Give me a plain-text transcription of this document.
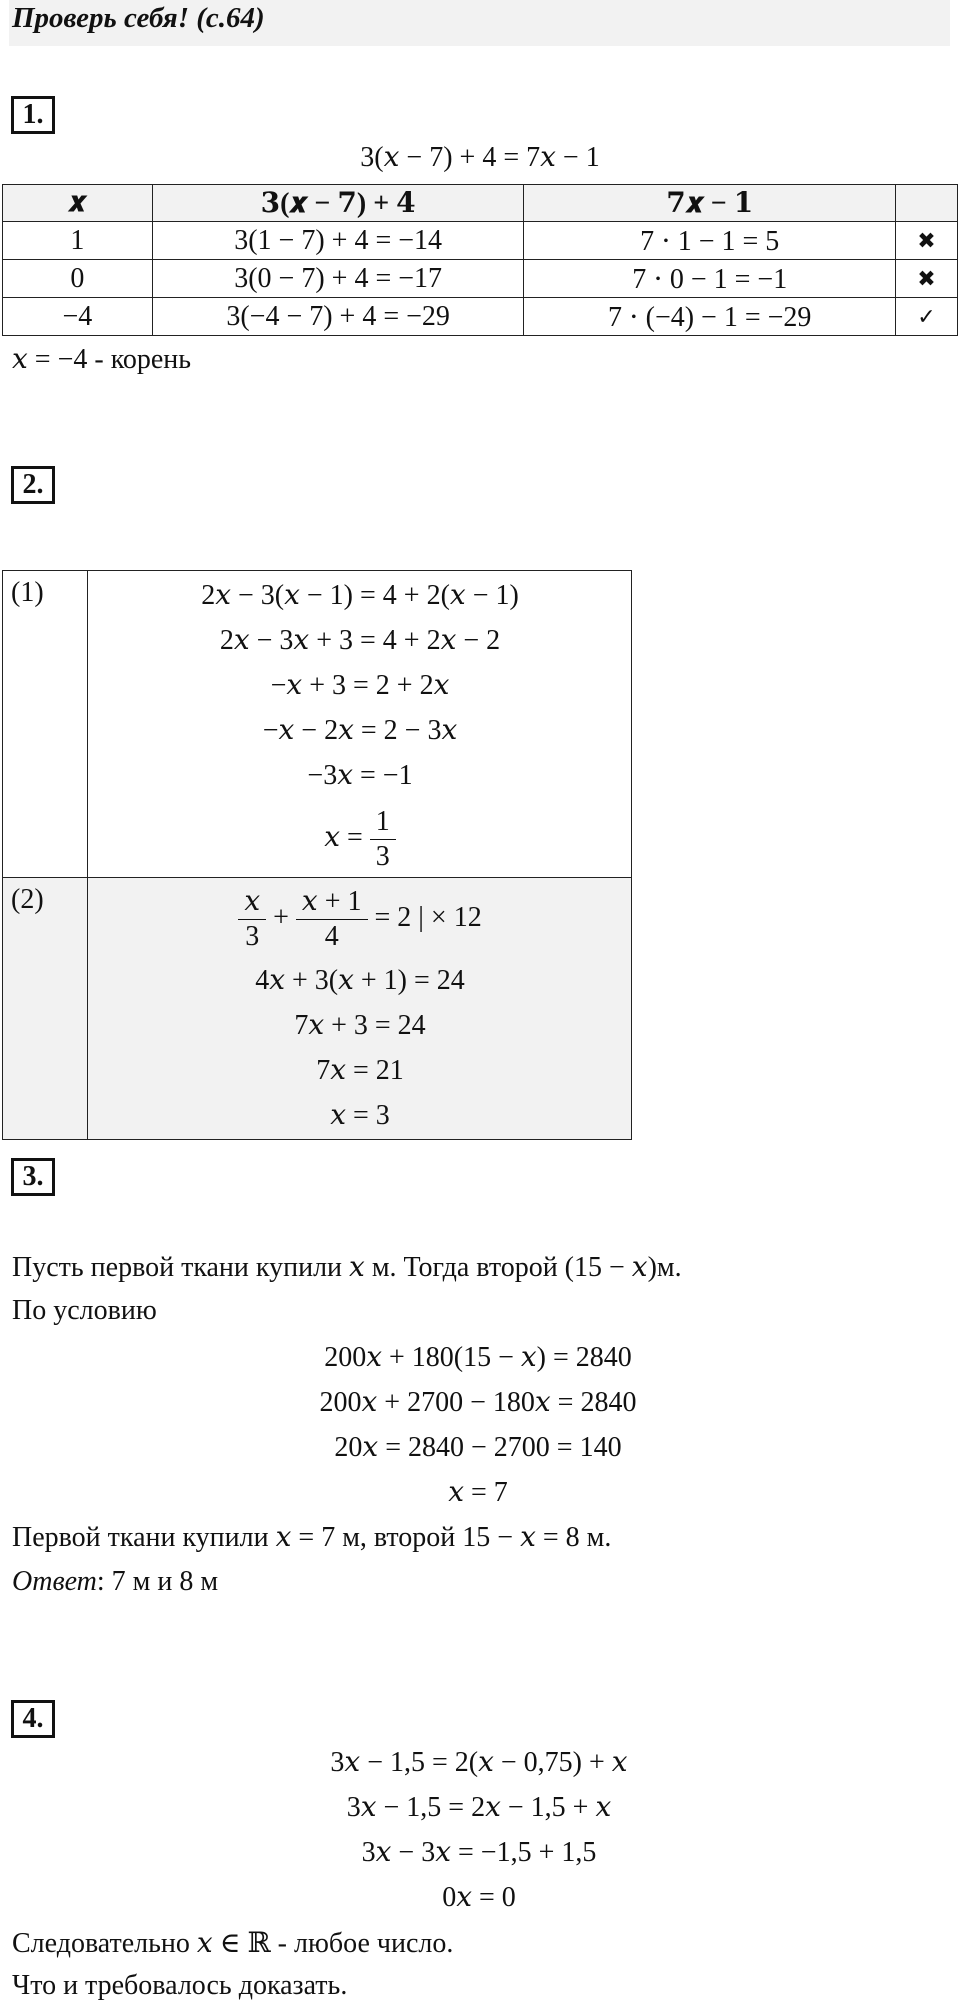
Проверь себя! (с.64)
1.
3(𝑥 − 7) + 4 = 7𝑥 − 1
𝒙	𝟑(𝒙 − 𝟕) + 𝟒	𝟕𝒙 − 𝟏	
1	3(1 − 7) + 4 = −14	7 ⋅ 1 − 1 = 5	✖
0	3(0 − 7) + 4 = −17	7 ⋅ 0 − 1 = −1	✖
−4	3(−4 − 7) + 4 = −29	7 ⋅ (−4) − 1 = −29	✓
𝑥 = −4 - корень
2.
(1)	2𝑥 − 3(𝑥 − 1) = 4 + 2(𝑥 − 1)
2𝑥 − 3𝑥 + 3 = 4 + 2𝑥 − 2
−𝑥 + 3 = 2 + 2𝑥
−𝑥 − 2𝑥 = 2 − 3𝑥
−3𝑥 = −1
𝑥 = $\frac{1}{3}$
(2)	$\frac{\text{𝑥}}{3} + \frac{\text{𝑥 + 1}}{4} = 2$ | × 12
4𝑥 + 3(𝑥 + 1) = 24
7𝑥 + 3 = 24
7𝑥 = 21
𝑥 = 3
3.
Пусть первой ткани купили 𝑥 м. Тогда второй (15 − 𝑥)м.
По условию
200𝑥 + 180(15 − 𝑥) = 2840
200𝑥 + 2700 − 180𝑥 = 2840
20𝑥 = 2840 − 2700 = 140
𝑥 = 7
Первой ткани купили 𝑥 = 7 м, второй 15 − 𝑥 = 8 м.
Ответ: 7 м и 8 м
4.
3𝑥 − 1,5 = 2(𝑥 − 0,75) + 𝑥
3𝑥 − 1,5 = 2𝑥 − 1,5 + 𝑥
3𝑥 − 3𝑥 = −1,5 + 1,5
0𝑥 = 0
Следовательно 𝑥 ∈ ℝ - любое число.
Что и требовалось доказать.
